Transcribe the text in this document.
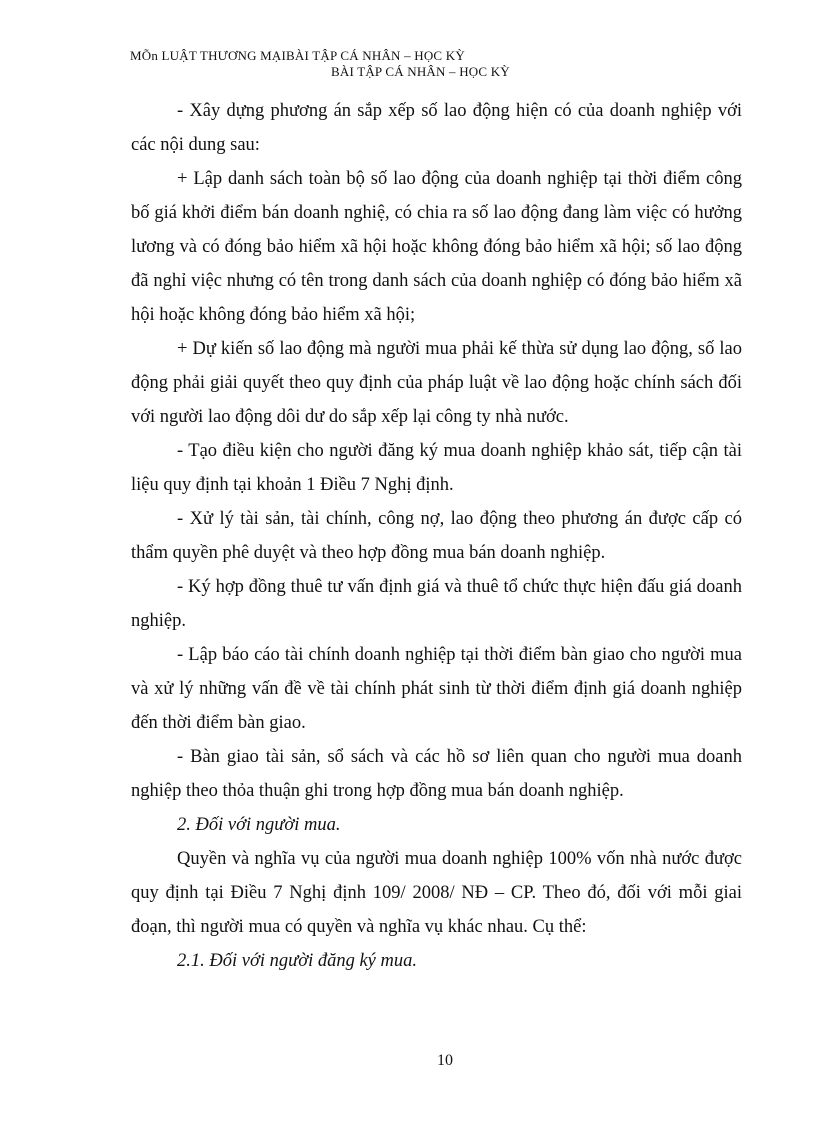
MÕn LUẬT THƯƠNG MẠIBÀI TẬP CÁ NHÂN – HỌC KỲ
BÀI TẬP CÁ NHÂN – HỌC KỲ

- Xây dựng phương án sắp xếp số lao động hiện có của doanh nghiệp với các nội dung sau:

+ Lập danh sách toàn bộ số lao động của doanh nghiệp tại thời điểm công bố giá khởi điểm bán doanh nghiệ, có chia ra số lao động đang làm việc có hưởng lương và có đóng bảo hiểm xã hội hoặc không đóng bảo hiểm xã hội; số lao động đã nghỉ việc nhưng có tên trong danh sách của doanh nghiệp có đóng bảo hiểm xã hội hoặc không đóng bảo hiểm xã hội;

+ Dự kiến số lao động mà người mua phải kế thừa sử dụng lao động, số lao động phải giải quyết theo quy định của pháp luật về lao động hoặc chính sách đối với người lao động dôi dư do sắp xếp lại công ty nhà nước.

- Tạo điều kiện cho người đăng ký mua doanh nghiệp khảo sát, tiếp cận tài liệu quy định tại khoản 1 Điều 7 Nghị định.

- Xử lý tài sản, tài chính, công nợ, lao động theo phương án được cấp có thẩm quyền phê duyệt và theo hợp đồng mua bán doanh nghiệp.

- Ký hợp đồng thuê tư vấn định giá và thuê tổ chức thực hiện đấu giá doanh nghiệp.

- Lập báo cáo tài chính doanh nghiệp tại thời điểm bàn giao cho người mua và xử lý những vấn đề về tài chính phát sinh từ thời điểm định giá doanh nghiệp đến thời điểm bàn giao.

- Bàn giao tài sản, sổ sách và các hồ sơ liên quan cho người mua doanh nghiệp theo thỏa thuận ghi trong hợp đồng mua bán doanh nghiệp.

2. Đối với người mua.

Quyền và nghĩa vụ của người mua doanh nghiệp 100% vốn nhà nước được quy định tại Điều 7 Nghị định 109/ 2008/ NĐ – CP. Theo đó, đối với mỗi giai đoạn, thì người mua có quyền và nghĩa vụ khác nhau. Cụ thể:

2.1. Đối với người đăng ký mua.

10
